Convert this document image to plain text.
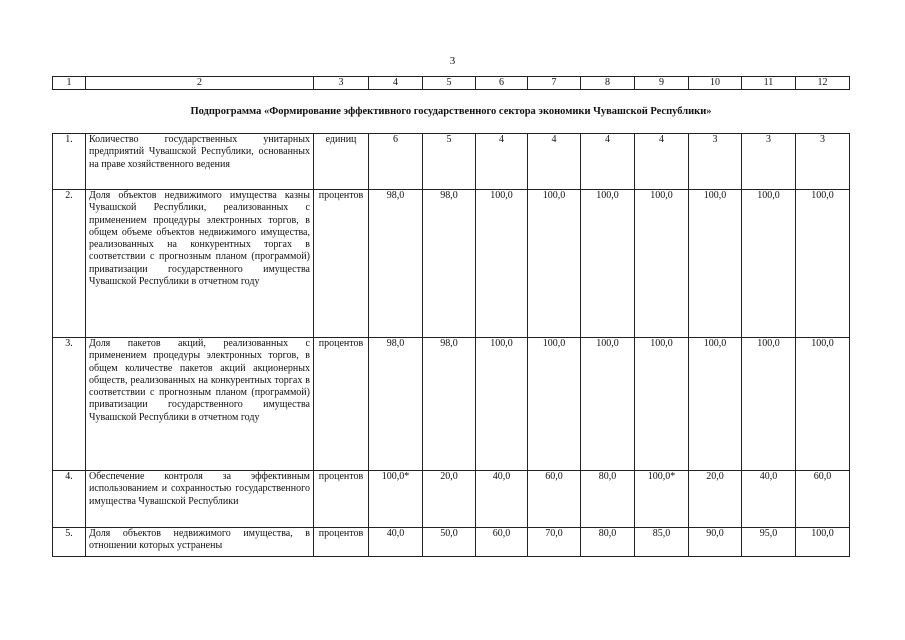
3
1	2	3	4	5	6	7	8	9	10	11	12
Подпрограмма «Формирование эффективного государственного сектора экономики Чувашской Республики»											
1.	Количество государственных унитарных предприятий Чувашской Республики, основанных на праве хозяйственного ведения	единиц	6	5	4	4	4	4	3	3	3
2.	Доля объектов недвижимого имущества казны Чувашской Республики, реализованных с применением процедуры электронных торгов, в общем объеме объектов недвижимого имущества, реализованных на конкурентных торгах в соответствии с прогнозным планом (программой) приватизации государственного имущества Чувашской Республики в отчетном году	процентов	98,0	98,0	100,0	100,0	100,0	100,0	100,0	100,0	100,0
3.	Доля пакетов акций, реализованных с применением процедуры электронных торгов, в общем количестве пакетов акций акционерных обществ, реализованных на конкурентных торгах в соответствии с прогнозным планом (программой) приватизации государственного имущества Чувашской Республики в отчетном году	процентов	98,0	98,0	100,0	100,0	100,0	100,0	100,0	100,0	100,0
4.	Обеспечение контроля за эффективным использованием и сохранностью государственного имущества Чувашской Республики	процентов	100,0*	20,0	40,0	60,0	80,0	100,0*	20,0	40,0	60,0
5.	Доля объектов недвижимого имущества, в отношении которых устранены	процентов	40,0	50,0	60,0	70,0	80,0	85,0	90,0	95,0	100,0
